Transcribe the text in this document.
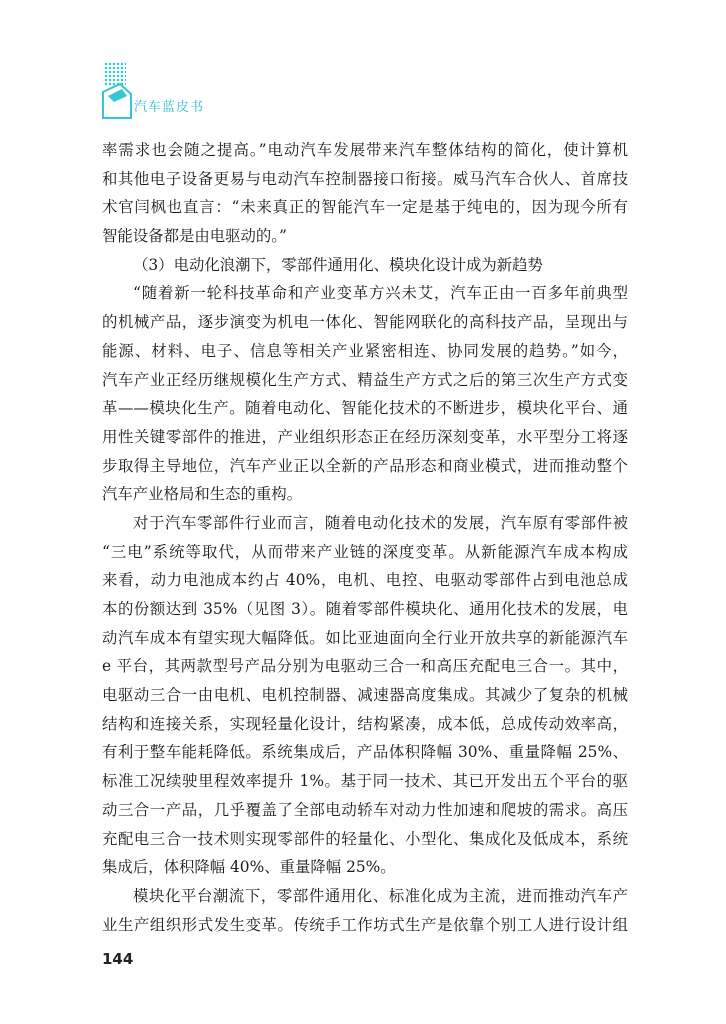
汽车蓝皮书
率需求也会随之提高。”电动汽车发展带来汽车整体结构的简化，使计算机
和其他电子设备更易与电动汽车控制器接口衔接。威马汽车合伙人、首席技
术官闫枫也直言：“未来真正的智能汽车一定是基于纯电的，因为现今所有
智能设备都是由电驱动的。”
（3）电动化浪潮下，零部件通用化、模块化设计成为新趋势
“随着新一轮科技革命和产业变革方兴未艾，汽车正由一百多年前典型
的机械产品，逐步演变为机电一体化、智能网联化的高科技产品，呈现出与
能源、材料、电子、信息等相关产业紧密相连、协同发展的趋势。”如今，
汽车产业正经历继规模化生产方式、精益生产方式之后的第三次生产方式变
革——模块化生产。随着电动化、智能化技术的不断进步，模块化平台、通
用性关键零部件的推进，产业组织形态正在经历深刻变革，水平型分工将逐
步取得主导地位，汽车产业正以全新的产品形态和商业模式，进而推动整个
汽车产业格局和生态的重构。
对于汽车零部件行业而言，随着电动化技术的发展，汽车原有零部件被
“三电”系统等取代，从而带来产业链的深度变革。从新能源汽车成本构成
来看，动力电池成本约占 40%，电机、电控、电驱动零部件占到电池总成
本的份额达到 35%（见图 3）。随着零部件模块化、通用化技术的发展，电
动汽车成本有望实现大幅降低。如比亚迪面向全行业开放共享的新能源汽车
e 平台，其两款型号产品分别为电驱动三合一和高压充配电三合一。其中，
电驱动三合一由电机、电机控制器、减速器高度集成。其减少了复杂的机械
结构和连接关系，实现轻量化设计，结构紧凑，成本低，总成传动效率高，
有利于整车能耗降低。系统集成后，产品体积降幅 30%、重量降幅 25%、
标准工况续驶里程效率提升 1%。基于同一技术、其已开发出五个平台的驱
动三合一产品，几乎覆盖了全部电动轿车对动力性加速和爬坡的需求。高压
充配电三合一技术则实现零部件的轻量化、小型化、集成化及低成本，系统
集成后，体积降幅 40%、重量降幅 25%。
模块化平台潮流下，零部件通用化、标准化成为主流，进而推动汽车产
业生产组织形式发生变革。传统手工作坊式生产是依靠个别工人进行设计组
144
